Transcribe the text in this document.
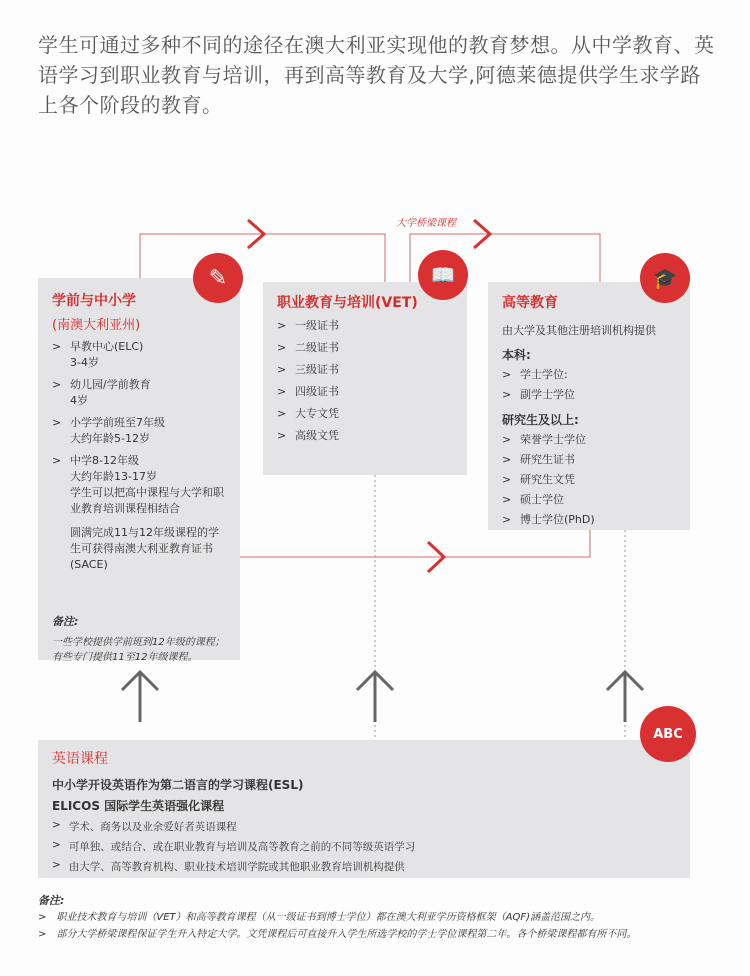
学生可通过多种不同的途径在澳大利亚实现他的教育梦想。从中学教育、英语学习到职业教育与培训，再到高等教育及大学,阿德莱德提供学生求学路上各个阶段的教育。
大学桥梁课程
学前与中小学
(南澳大利亚州)
> 早教中心(ELC)
3-4岁
> 幼儿园/学前教育
4岁
> 小学学前班至7年级
大约年龄5-12岁
> 中学8-12年级
大约年龄13-17岁
学生可以把高中课程与大学和职业教育培训课程相结合
圆满完成11与12年级课程的学生可获得南澳大利亚教育证书(SACE)
备注:
一些学校提供学前班到12年级的课程；有些专门提供11至12年级课程。
✎
职业教育与培训(VET)
> 一级证书
> 二级证书
> 三级证书
> 四级证书
> 大专文凭
> 高级文凭
📖
高等教育
由大学及其他注册培训机构提供
本科:
> 学士学位:
> 副学士学位
研究生及以上:
> 荣誉学士学位
> 研究生证书
> 研究生文凭
> 硕士学位
> 博士学位(PhD)
🎓
英语课程
中小学开设英语作为第二语言的学习课程(ESL)
ELICOS 国际学生英语强化课程
> 学术、商务以及业余爱好者英语课程
> 可单独、或结合、或在职业教育与培训及高等教育之前的不同等级英语学习
> 由大学、高等教育机构、职业技术培训学院或其他职业教育培训机构提供
ABC
备注:
> 职业技术教育与培训（VET）和高等教育课程（从一级证书到博士学位）都在澳大利亚学历资格框架（AQF)涵盖范围之内。
> 部分大学桥梁课程保证学生升入特定大学。文凭课程后可直接升入学生所选学校的学士学位课程第二年。各个桥梁课程都有所不同。
